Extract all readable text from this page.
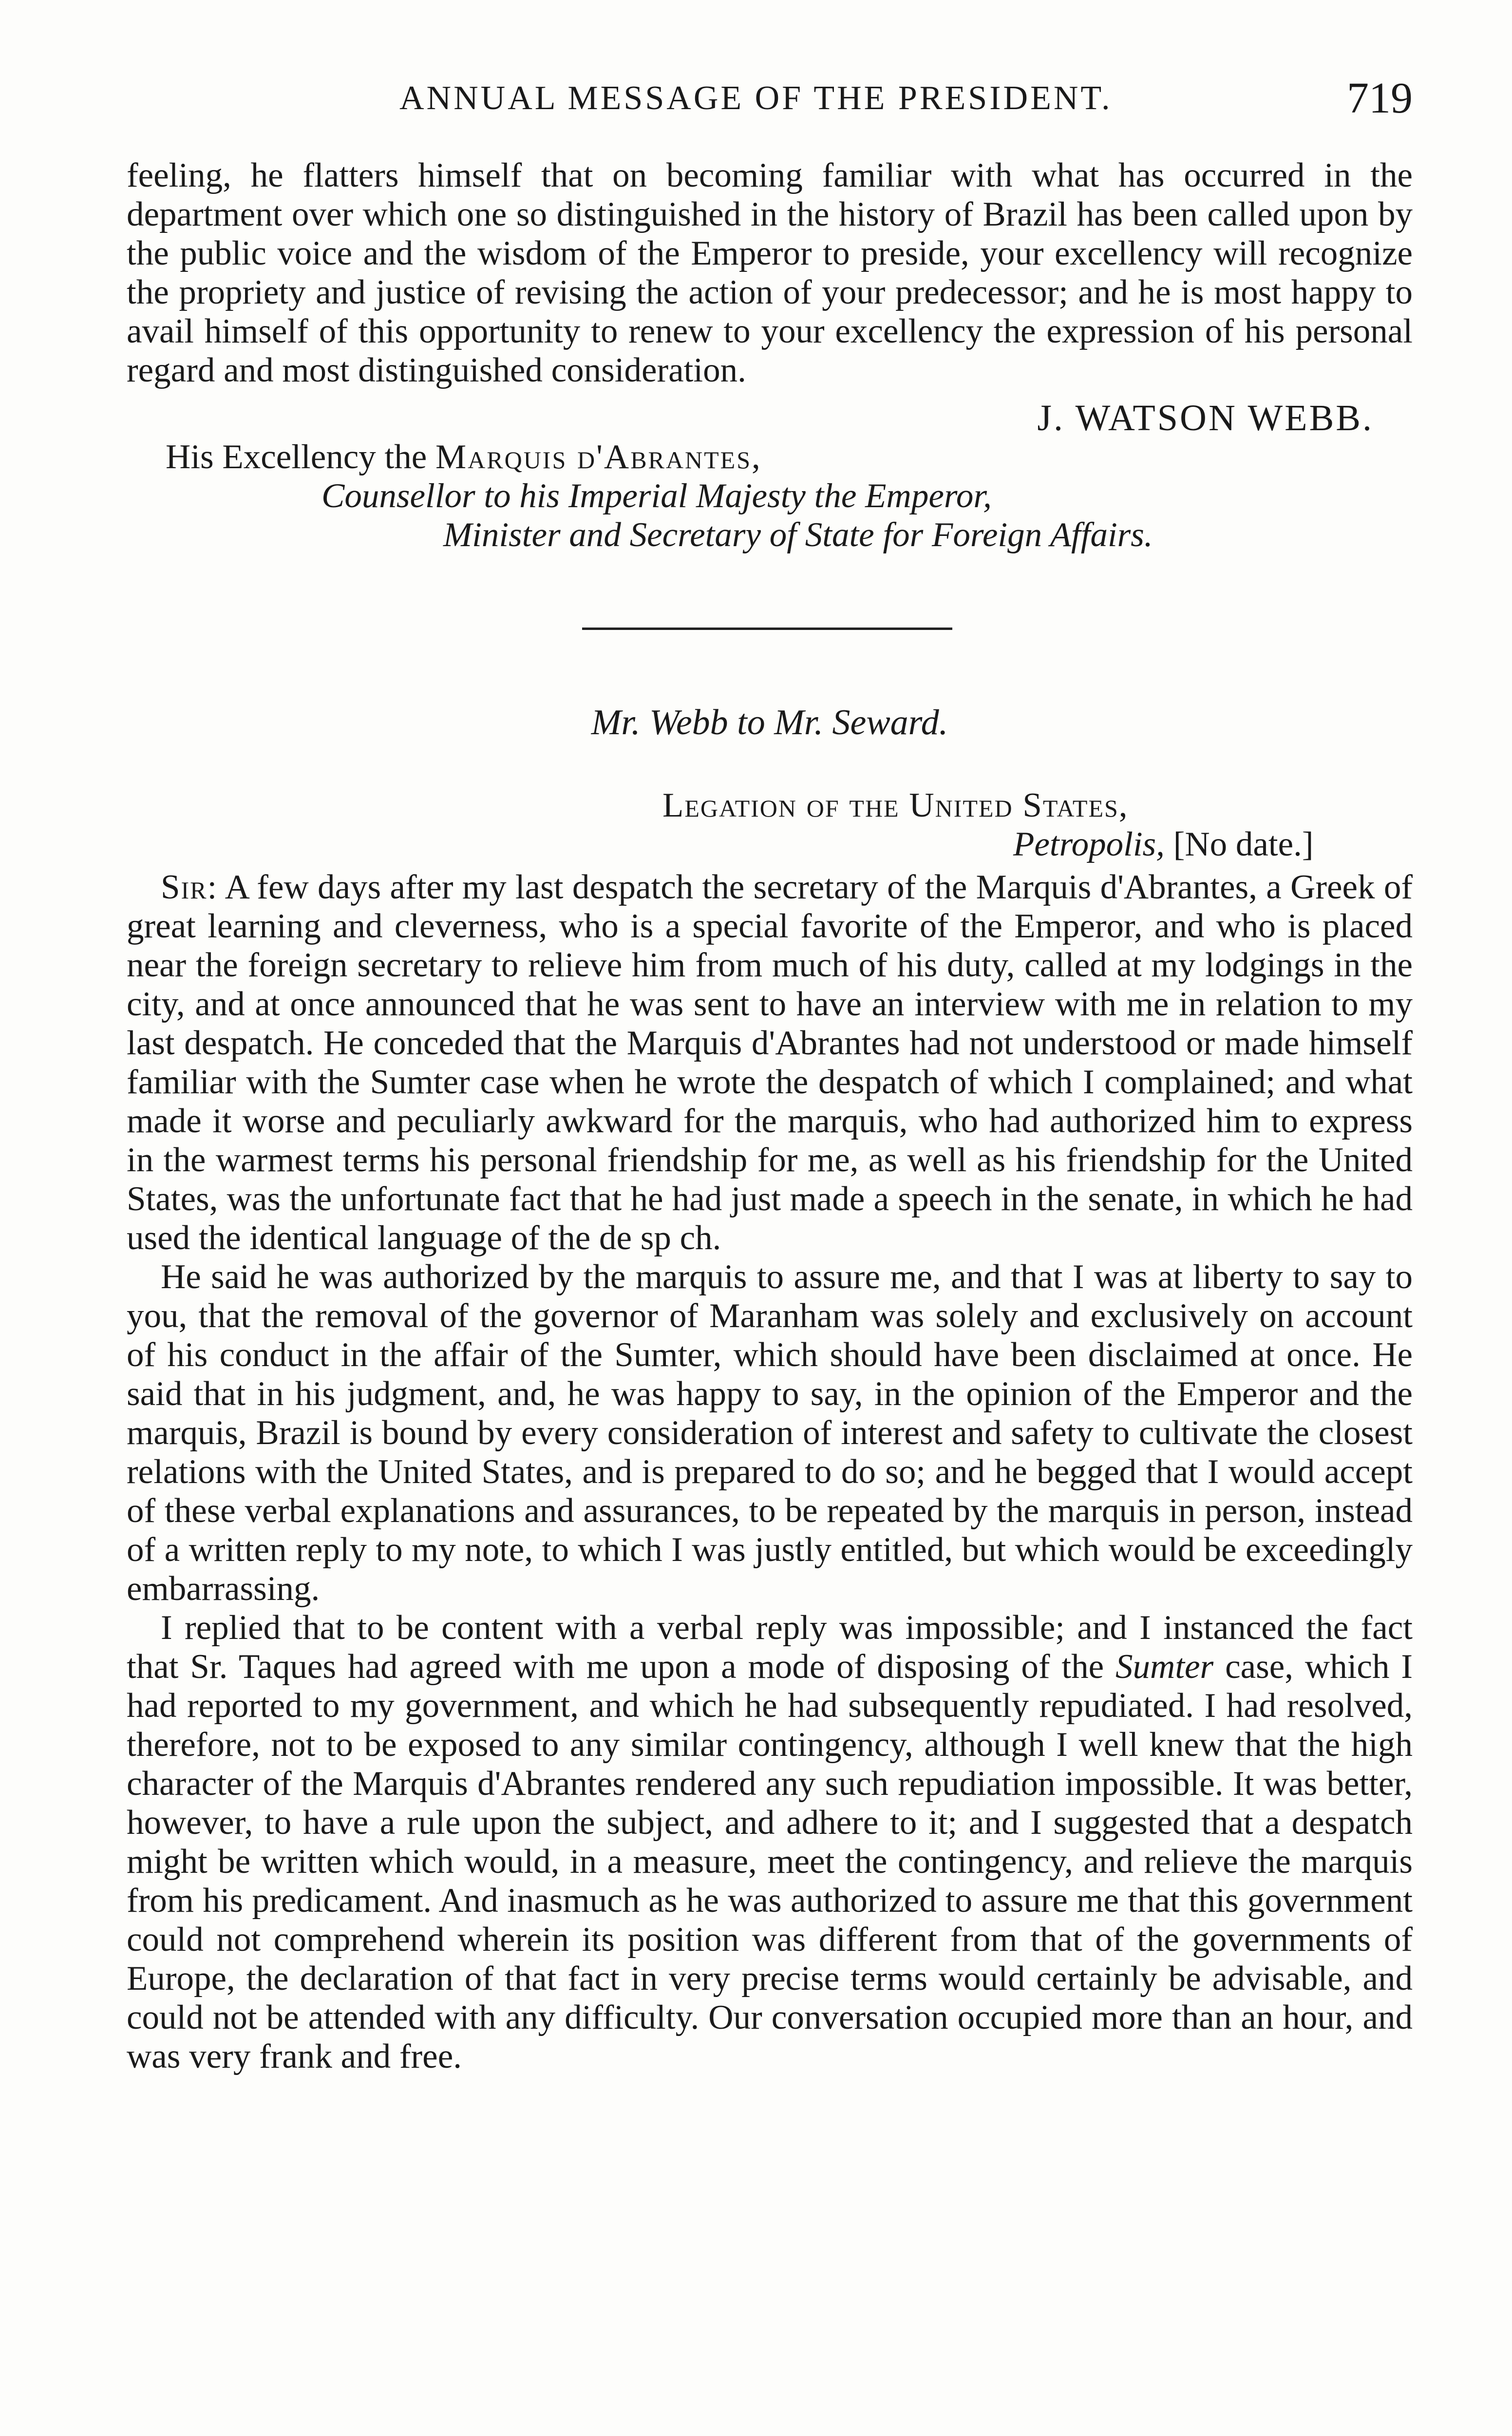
ANNUAL MESSAGE OF THE PRESIDENT.	719

feeling, he flatters himself that on becoming familiar with what has occurred in the department over which one so distinguished in the history of Brazil has been called upon by the public voice and the wisdom of the Emperor to preside, your excellency will recognize the propriety and justice of revising the action of your predecessor; and he is most happy to avail himself of this opportunity to renew to your excellency the expression of his personal regard and most distinguished consideration.

J. WATSON WEBB.
His Excellency the Marquis d'Abrantes,
Counsellor to his Imperial Majesty the Emperor,
Minister and Secretary of State for Foreign Affairs.
Mr. Webb to Mr. Seward.
Legation of the United States,
Petropolis, [No date.]

Sir: A few days after my last despatch the secretary of the Marquis d'Abrantes, a Greek of great learning and cleverness, who is a special favorite of the Emperor, and who is placed near the foreign secretary to relieve him from much of his duty, called at my lodgings in the city, and at once announced that he was sent to have an interview with me in relation to my last despatch. He conceded that the Marquis d'Abrantes had not understood or made himself familiar with the Sumter case when he wrote the despatch of which I complained; and what made it worse and peculiarly awkward for the marquis, who had authorized him to express in the warmest terms his personal friendship for me, as well as his friendship for the United States, was the unfortunate fact that he had just made a speech in the senate, in which he had used the identical language of the de sp ch.

He said he was authorized by the marquis to assure me, and that I was at liberty to say to you, that the removal of the governor of Maranham was solely and exclusively on account of his conduct in the affair of the Sumter, which should have been disclaimed at once. He said that in his judgment, and, he was happy to say, in the opinion of the Emperor and the marquis, Brazil is bound by every consideration of interest and safety to cultivate the closest relations with the United States, and is prepared to do so; and he begged that I would accept of these verbal explanations and assurances, to be repeated by the marquis in person, instead of a written reply to my note, to which I was justly entitled, but which would be exceedingly embarrassing.

I replied that to be content with a verbal reply was impossible; and I instanced the fact that Sr. Taques had agreed with me upon a mode of disposing of the Sumter case, which I had reported to my government, and which he had subsequently repudiated. I had resolved, therefore, not to be exposed to any similar contingency, although I well knew that the high character of the Marquis d'Abrantes rendered any such repudiation impossible. It was better, however, to have a rule upon the subject, and adhere to it; and I suggested that a despatch might be written which would, in a measure, meet the contingency, and relieve the marquis from his predicament. And inasmuch as he was authorized to assure me that this government could not comprehend wherein its position was different from that of the governments of Europe, the declaration of that fact in very precise terms would certainly be advisable, and could not be attended with any difficulty. Our conversation occupied more than an hour, and was very frank and free.
